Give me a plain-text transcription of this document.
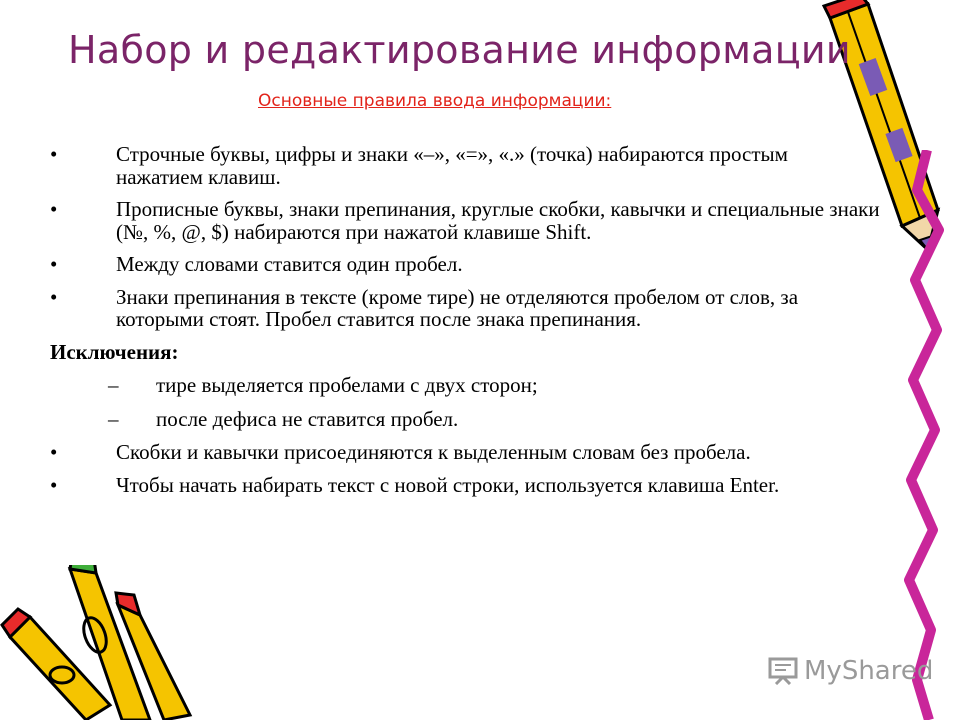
Набор и редактирование информации
Основные правила ввода информации:
•	Строчные буквы, цифры и знаки «–», «=», «.» (точка) набираются простым нажатием клавиш.
•	Прописные буквы, знаки препинания, круглые скобки, кавычки и специальные знаки (№, %, @, $) набираются при нажатой клавише Shift.
•	Между словами ставится один пробел.
•	Знаки препинания в тексте (кроме тире) не отделяются пробелом от слов, за которыми стоят. Пробел ставится после знака препинания.
Исключения:
–	тире выделяется пробелами с двух сторон;
–	после дефиса не ставится пробел.
•	Скобки и кавычки присоединяются к выделенным словам без пробела.
•	Чтобы начать набирать текст с новой строки, используется клавиша Enter.
MyShared
